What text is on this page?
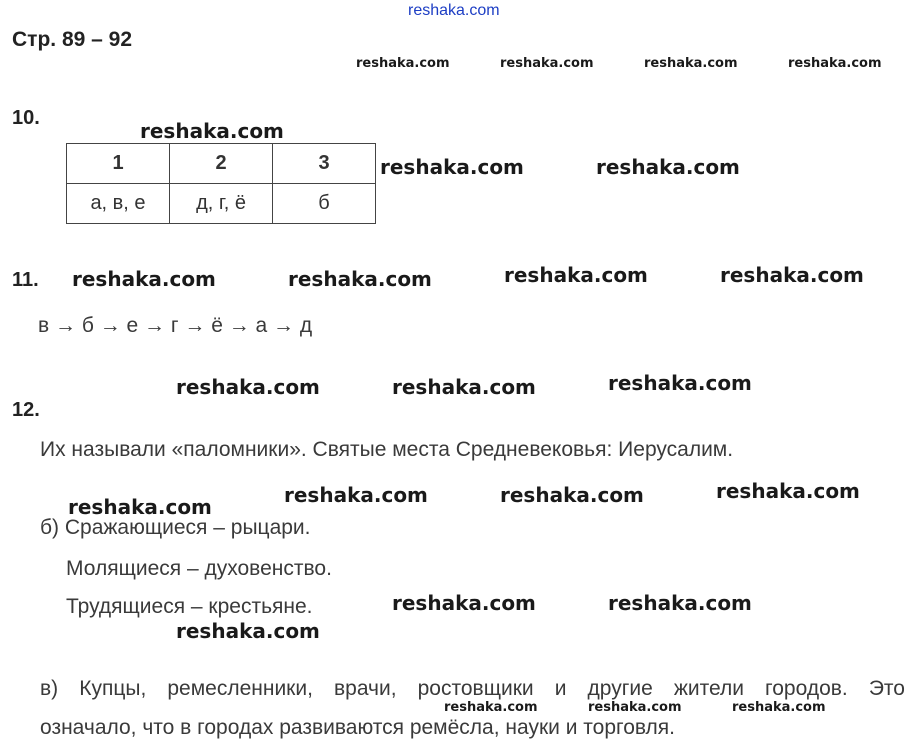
reshaka.com
Стр. 89 – 92
reshaka.com	reshaka.com	reshaka.com	reshaka.com
10.
reshaka.com
1	2	3
а, в, е	д, г, ё	б
reshaka.com	reshaka.com
11. reshaka.com	reshaka.com	reshaka.com	reshaka.com
в → б → е → г → ё → а → д
reshaka.com	reshaka.com	reshaka.com
12.
Их называли «паломники». Святые места Средневековья: Иерусалим.
reshaka.com	reshaka.com	reshaka.com	reshaka.com
б) Сражающиеся – рыцари.
Молящиеся – духовенство.
Трудящиеся – крестьяне.	reshaka.com	reshaka.com
reshaka.com
в) Купцы, ремесленники, врачи, ростовщики и другие жители городов. Это
означало, что в городах развиваются ремёсла, науки и торговля.
reshaka.com	reshaka.com	reshaka.com
